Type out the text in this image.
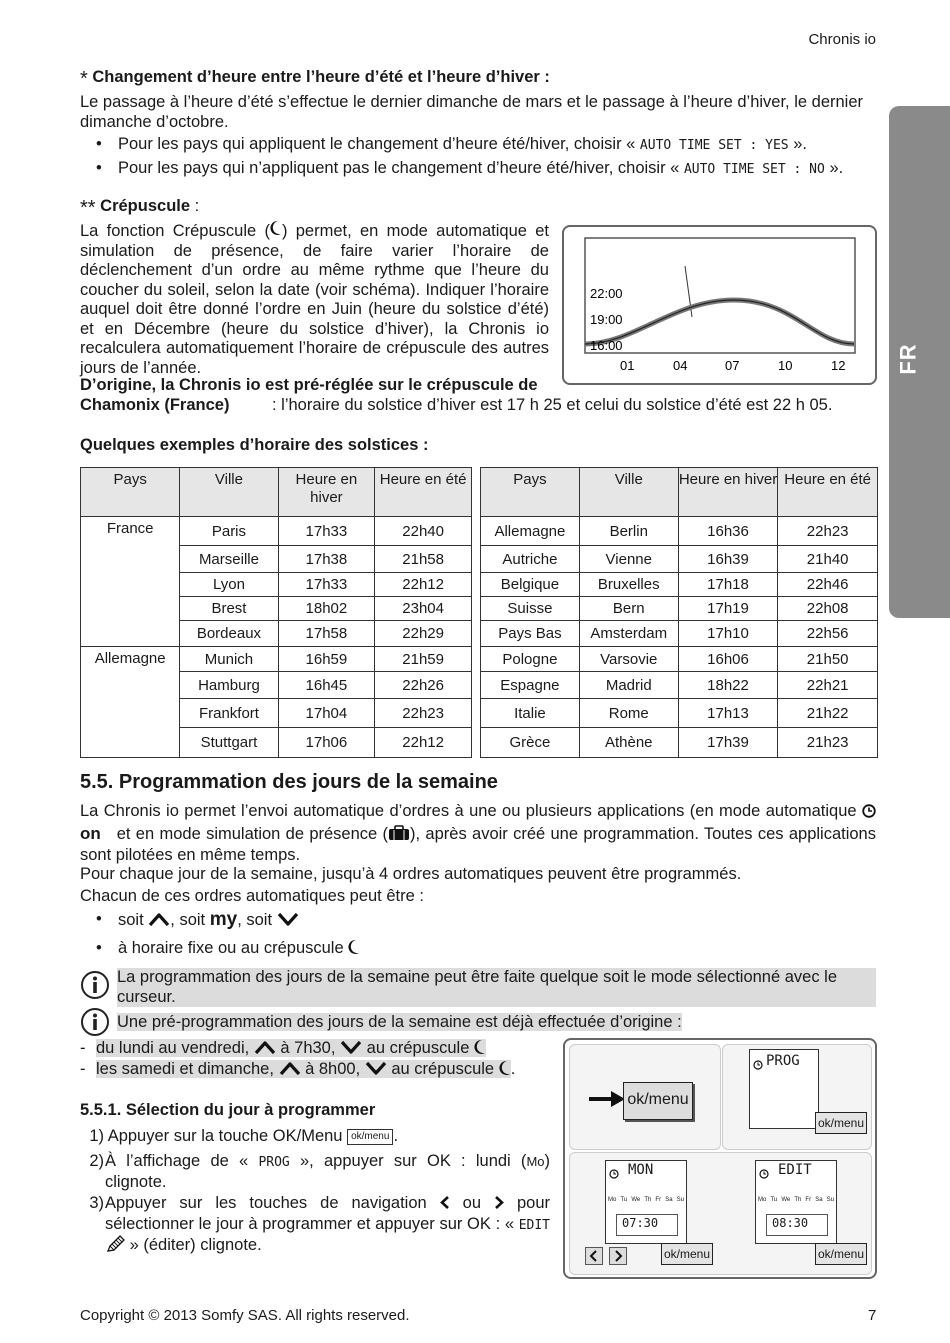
Chronis io
FR
* Changement d’heure entre l’heure d’été et l’heure d’hiver :
Le passage à l’heure d’été s’effectue le dernier dimanche de mars et le passage à l’heure d’hiver, le dernier dimanche d’octobre.
• Pour les pays qui appliquent le changement d’heure été/hiver, choisir « AUTO TIME SET : YES ».
• Pour les pays qui n’appliquent pas le changement d’heure été/hiver, choisir « AUTO TIME SET : NO ».
** Crépuscule :
La fonction Crépuscule ( ) permet, en mode automatique et simulation de présence, de faire varier l’horaire de déclenchement d’un ordre au même rythme que l’heure du coucher du soleil, selon la date (voir schéma). Indiquer l’horaire auquel doit être donné l’ordre en Juin (heure du solstice d’été) et en Décembre (heure du solstice d’hiver), la Chronis io recalculera automatiquement l’horaire de crépuscule des autres jours de l’année.
D’origine, la Chronis io est pré-réglée sur le crépuscule de Chamonix (France)	: l’horaire du solstice d’hiver est 17 h 25 et celui du solstice d’été est 22 h 05.
22:00
19:00
16:00
01	04	07	10	12
Quelques exemples d’horaire des solstices :
Pays	Ville	Heure en hiver	Heure en été
France	Paris	17h33	22h40
	Marseille	17h38	21h58
	Lyon	17h33	22h12
	Brest	18h02	23h04
	Bordeaux	17h58	22h29
Allemagne	Munich	16h59	21h59
	Hamburg	16h45	22h26
	Frankfort	17h04	22h23
	Stuttgart	17h06	22h12
Pays	Ville	Heure en hiver	Heure en été
Allemagne	Berlin	16h36	22h23
Autriche	Vienne	16h39	21h40
Belgique	Bruxelles	17h18	22h46
Suisse	Bern	17h19	22h08
Pays Bas	Amsterdam	17h10	22h56
Pologne	Varsovie	16h06	21h50
Espagne	Madrid	18h22	22h21
Italie	Rome	17h13	21h22
Grèce	Athène	17h39	21h23
5.5. Programmation des jours de la semaine
La Chronis io permet l’envoi automatique d’ordres à une ou plusieurs applications (en mode automatique on et en mode simulation de présence ( ), après avoir créé une programmation. Toutes ces applications sont pilotées en même temps.
Pour chaque jour de la semaine, jusqu’à 4 ordres automatiques peuvent être programmés.
Chacun de ces ordres automatiques peut être :
• soit , soit my, soit
• à horaire fixe ou au crépuscule
La programmation des jours de la semaine peut être faite quelque soit le mode sélectionné avec le curseur.
Une pré-programmation des jours de la semaine est déjà effectuée d’origine :
- du lundi au vendredi, à 7h30, au crépuscule
- les samedi et dimanche, à 8h00, au crépuscule .
5.5.1. Sélection du jour à programmer
1) Appuyer sur la touche OK/Menu ok/menu .
2) À l’affichage de « PROG », appuyer sur OK : lundi (Mo) clignote.
3) Appuyer sur les touches de navigation ou pour sélectionner le jour à programmer et appuyer sur OK : « EDIT  » (éditer) clignote.
ok/menu
PROG
ok/menu
MON
Mo Tu We Th Fr Sa Su
07:30
EDIT
Mo Tu We Th Fr Sa Su
08:30
ok/menu	ok/menu
Copyright © 2013 Somfy SAS. All rights reserved.	7
